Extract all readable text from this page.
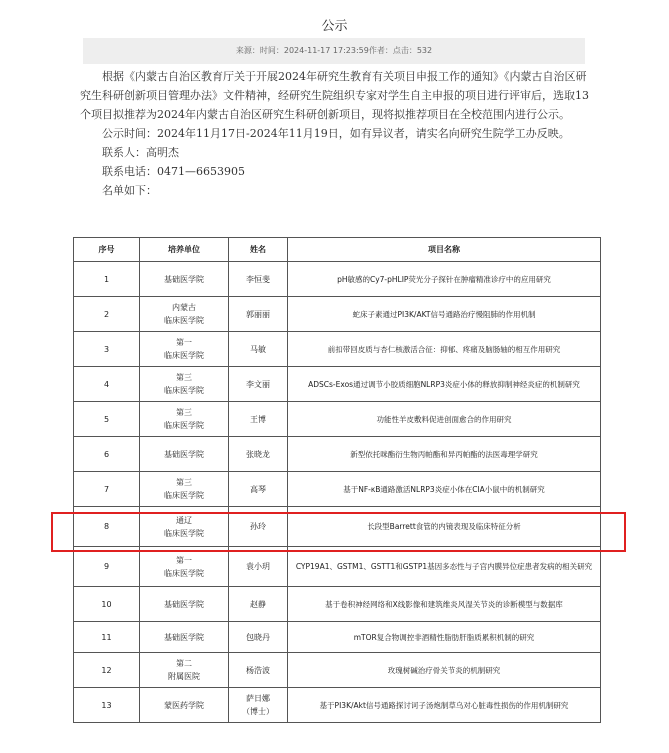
公示
来源：时间：2024-11-17 17:23:59作者：点击：532

根据《内蒙古自治区教育厅关于开展2024年研究生教育有关项目申报工作的通知》《内蒙古自治区研究生科研创新项目管理办法》文件精神，经研究生院组织专家对学生自主申报的项目进行评审后，选取13个项目拟推荐为2024年内蒙古自治区研究生科研创新项目，现将拟推荐项目在全校范围内进行公示。

公示时间：2024年11月17日-2024年11月19日，如有异议者，请实名向研究生院学工办反映。

联系人：高明杰

联系电话：0471—6653905

名单如下：

序号	培养单位	姓名	项目名称
1	基础医学院	李恒斐	pH敏感的Cy7-pHLIP荧光分子探针在肿瘤精准诊疗中的应用研究
2	内蒙古
临床医学院	郭丽丽	蛇床子素通过PI3K/AKT信号通路治疗慢阻肺的作用机制
3	第一
临床医学院	马敏	前扣带回皮质与杏仁核激活合征：抑郁、疼痛及脑肠轴的相互作用研究
4	第三
临床医学院	李文丽	ADSCs-Exos通过调节小胶质细胞NLRP3炎症小体的释放抑制神经炎症的机制研究
5	第三
临床医学院	王博	功能性羊皮敷料促进创面愈合的作用研究
6	基础医学院	张晓龙	新型依托咪酯衍生物丙帕酯和异丙帕酯的法医毒理学研究
7	第三
临床医学院	高琴	基于NF-κB通路激活NLRP3炎症小体在CIA小鼠中的机制研究
8	通辽
临床医学院	孙玲	长段型Barrett食管的内镜表现及临床特征分析
9	第一
临床医学院	袁小玥	CYP19A1、GSTM1、GSTT1和GSTP1基因多态性与子宫内膜异位症患者发病的相关研究
10	基础医学院	赵静	基于卷积神经网络和X线影像和建筑维炎风湿关节炎的诊断模型与数据库
11	基础医学院	包晓丹	mTOR复合物调控非酒精性脂肪肝脂质累积机制的研究
12	第二
附属医院	杨浩波	玫瑰树碱治疗骨关节炎的机制研究
13	蒙医药学院	萨日娜
（博士）	基于PI3K/Akt信号通路探讨诃子汤炮制草乌对心脏毒性损伤的作用机制研究
